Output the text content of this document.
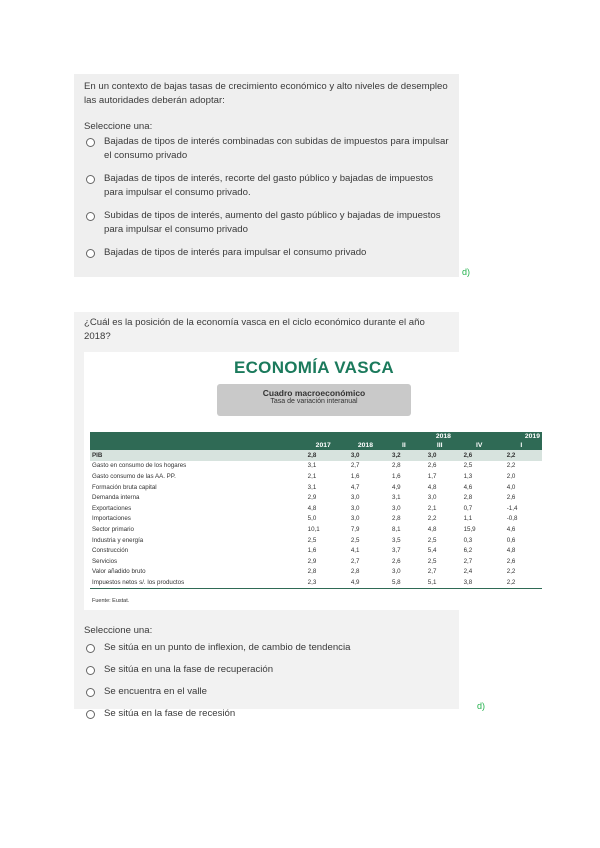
En un contexto de bajas tasas de crecimiento económico y alto niveles de desempleo las autoridades deberán adoptar:
Seleccione una:
Bajadas de tipos de interés combinadas con subidas de impuestos para impulsar el consumo privado
Bajadas de tipos de interés, recorte del gasto público y bajadas de impuestos para impulsar el consumo privado.
Subidas de tipos de interés, aumento del gasto público y bajadas de impuestos para impulsar el consumo privado
Bajadas de tipos de interés para impulsar el consumo privado
d)
¿Cuál es la posición de la economía vasca en el ciclo económico durante el año 2018?
ECONOMÍA VASCA
Cuadro macroeconómico
Tasa de variación interanual
			2018			2019
	2017	2018	II	III	IV	I
PIB	2,8	3,0	3,2	3,0	2,6	2,2
Gasto en consumo de los hogares	3,1	2,7	2,8	2,6	2,5	2,2
Gasto consumo de las AA. PP.	2,1	1,6	1,6	1,7	1,3	2,0
Formación bruta capital	3,1	4,7	4,9	4,8	4,6	4,0
Demanda interna	2,9	3,0	3,1	3,0	2,8	2,6
Exportaciones	4,8	3,0	3,0	2,1	0,7	-1,4
Importaciones	5,0	3,0	2,8	2,2	1,1	-0,8
Sector primario	10,1	7,9	8,1	4,8	15,9	4,6
Industria y energía	2,5	2,5	3,5	2,5	0,3	0,6
Construcción	1,6	4,1	3,7	5,4	6,2	4,8
Servicios	2,9	2,7	2,6	2,5	2,7	2,6
Valor añadido bruto	2,8	2,8	3,0	2,7	2,4	2,2
Impuestos netos s/. los productos	2,3	4,9	5,8	5,1	3,8	2,2
Fuente: Eustat.
Seleccione una:
Se sitúa en un punto de inflexion, de cambio de tendencia
Se sitúa en una la fase de recuperación
Se encuentra en el valle
Se sitúa en la fase de recesión
d)
